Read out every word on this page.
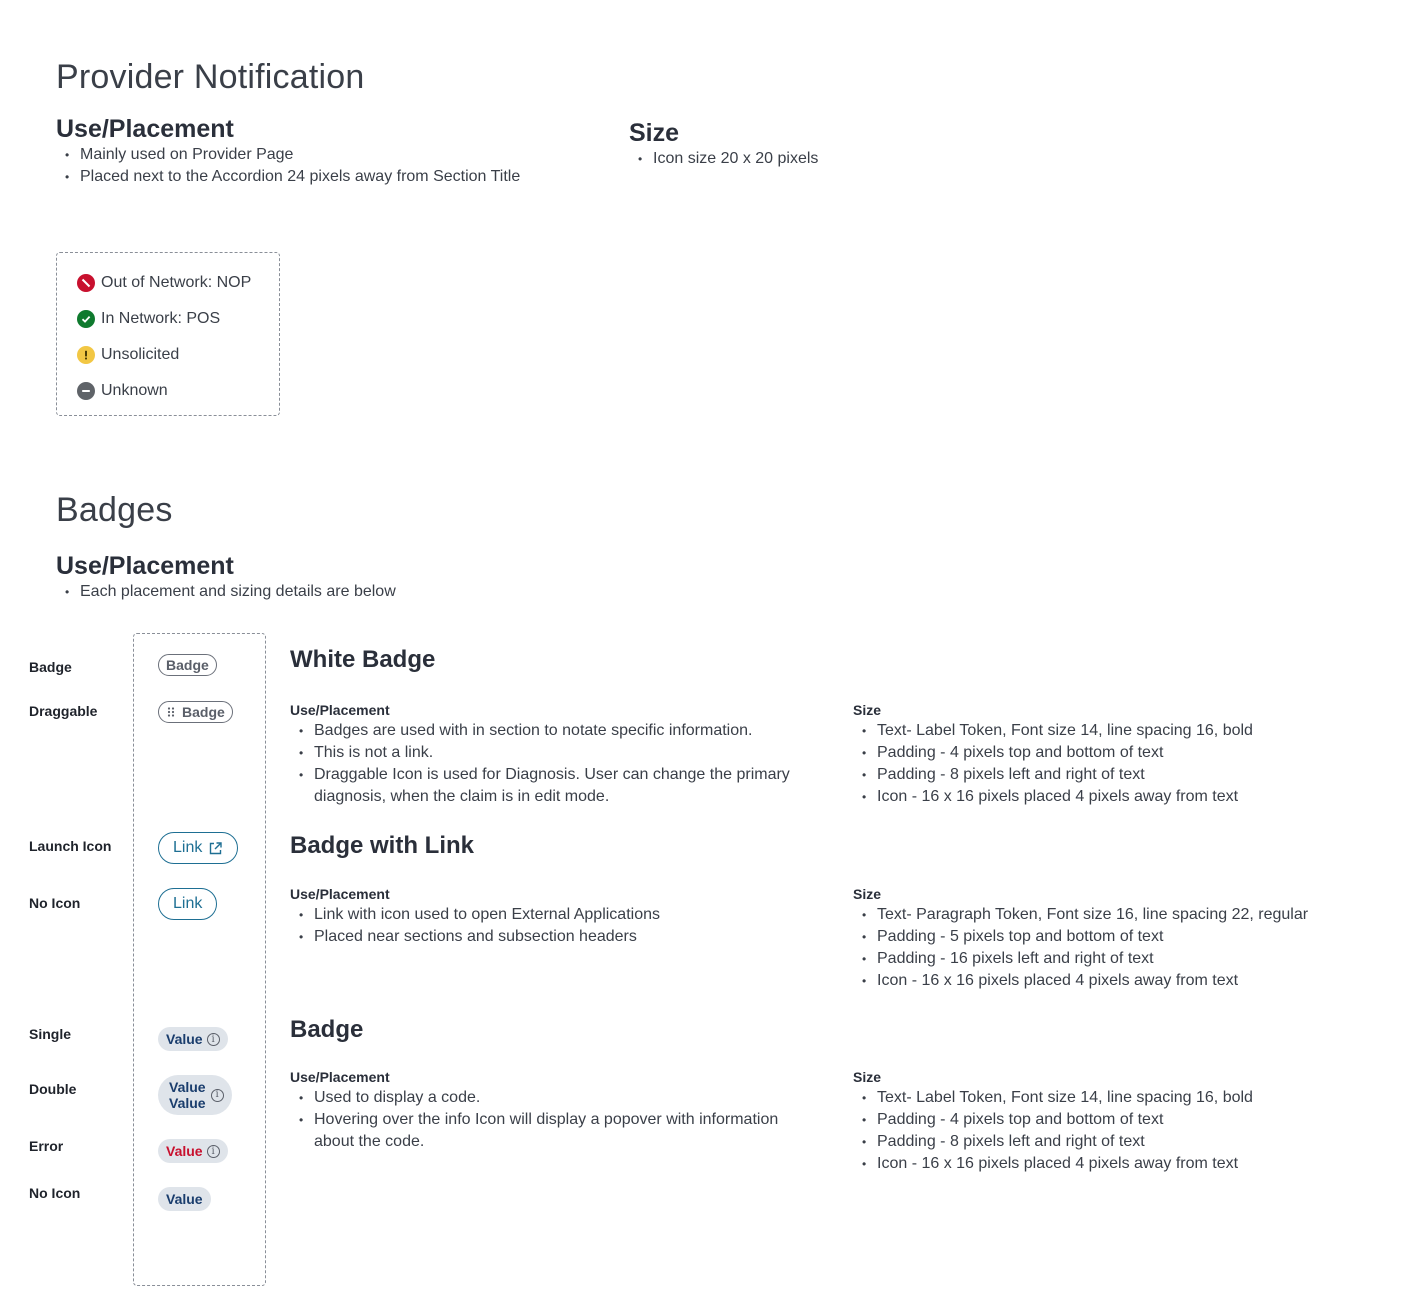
Provider Notification
Use/Placement
• Mainly used on Provider Page
• Placed next to the Accordion 24 pixels away from Section Title
Size
• Icon size 20 x 20 pixels
Out of Network: NOP
In Network: POS
Unsolicited
Unknown
Badges
Use/Placement
• Each placement and sizing details are below
Badge
Draggable
Launch Icon
No Icon
Single
Double
Error
No Icon
Badge
Badge
Link
Link
Value i
Value
Value
i
Value i
Value
White Badge
Use/Placement
• Badges are used with in section to notate specific information.
• This is not a link.
• Draggable Icon is used for Diagnosis. User can change the primary diagnosis, when the claim is in edit mode.
Size
• Text- Label Token, Font size 14, line spacing 16, bold
• Padding - 4 pixels top and bottom of text
• Padding - 8 pixels left and right of text
• Icon - 16 x 16 pixels placed 4 pixels away from text
Badge with Link
Use/Placement
• Link with icon used to open External Applications
• Placed near sections and subsection headers
Size
• Text- Paragraph Token, Font size 16, line spacing 22, regular
• Padding - 5 pixels top and bottom of text
• Padding - 16 pixels left and right of text
• Icon - 16 x 16 pixels placed 4 pixels away from text
Badge
Use/Placement
• Used to display a code.
• Hovering over the info Icon will display a popover with information about the code.
Size
• Text- Label Token, Font size 14, line spacing 16, bold
• Padding - 4 pixels top and bottom of text
• Padding - 8 pixels left and right of text
• Icon - 16 x 16 pixels placed 4 pixels away from text
